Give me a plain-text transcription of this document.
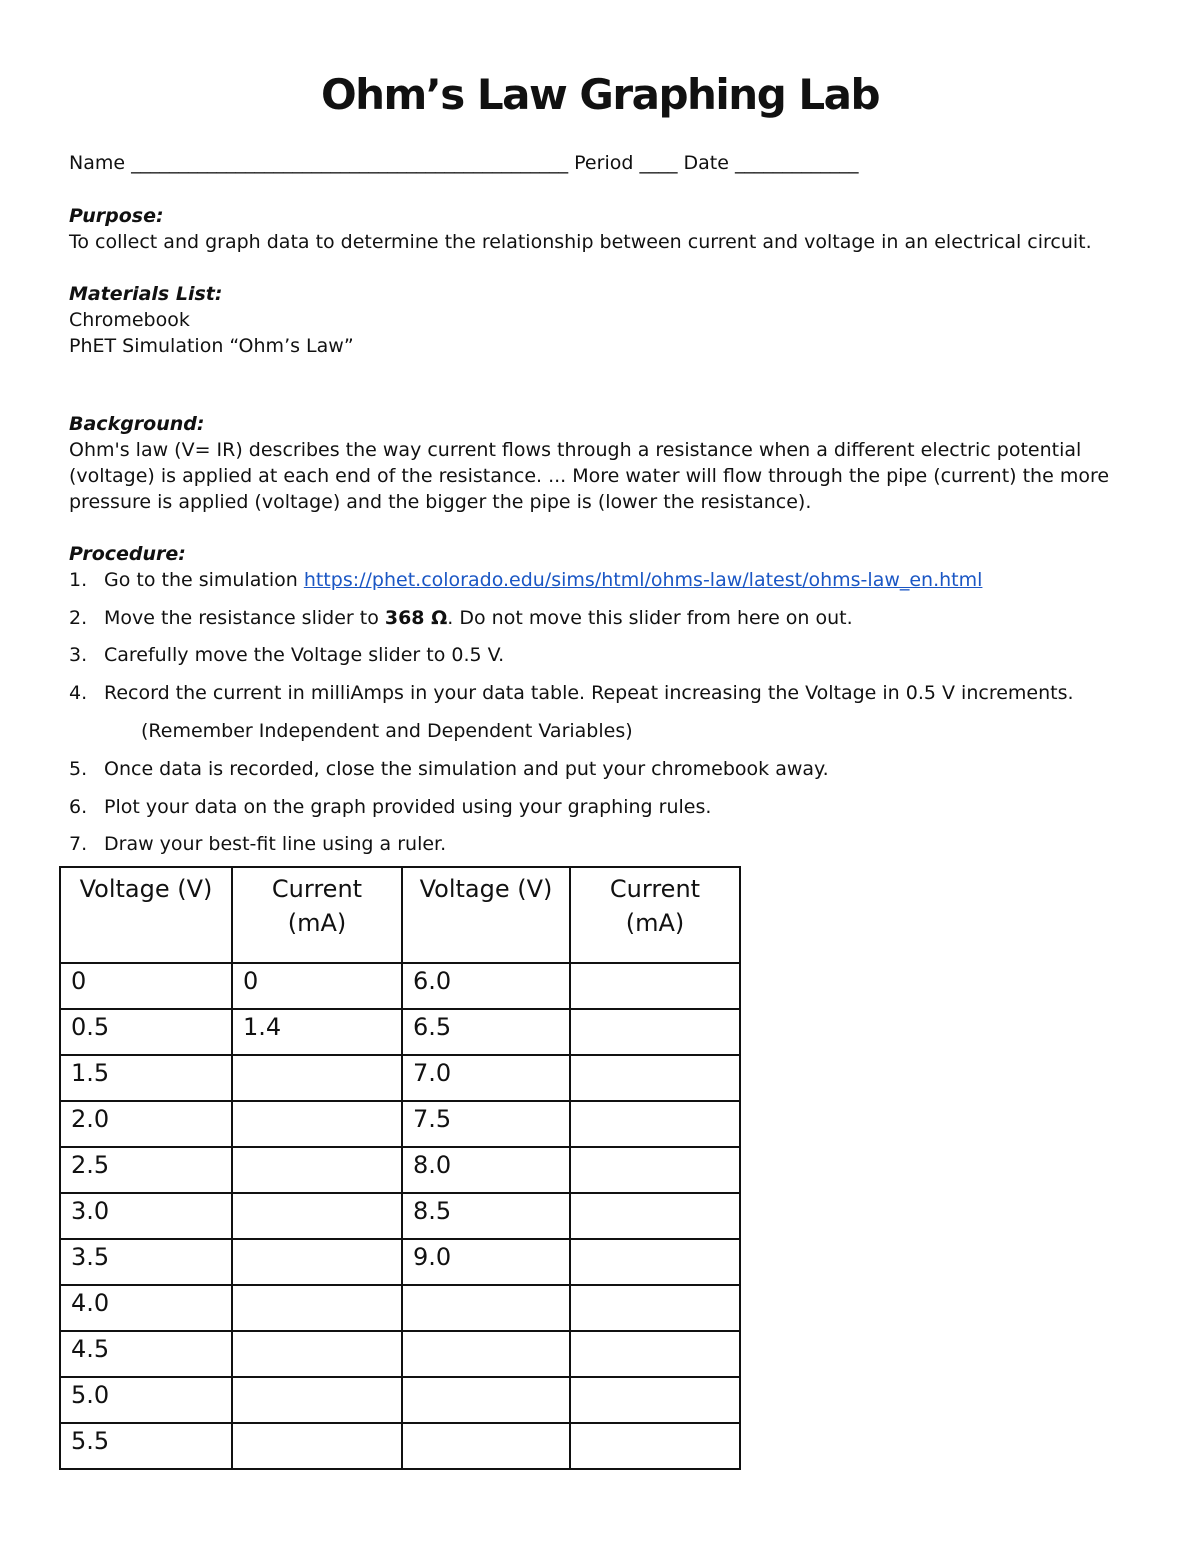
Ohm’s Law Graphing Lab
Name ______________________________________________ Period ____ Date _____________
Purpose:
To collect and graph data to determine the relationship between current and voltage in an electrical circuit.
Materials List:
Chromebook
PhET Simulation “Ohm’s Law”
Background:
Ohm's law (V= IR) describes the way current flows through a resistance when a different electric potential
(voltage) is applied at each end of the resistance. ... More water will flow through the pipe (current) the more
pressure is applied (voltage) and the bigger the pipe is (lower the resistance).
Procedure:
1. Go to the simulation https://phet.colorado.edu/sims/html/ohms-law/latest/ohms-law_en.html
2. Move the resistance slider to 368 Ω. Do not move this slider from here on out.
3. Carefully move the Voltage slider to 0.5 V.
4. Record the current in milliAmps in your data table. Repeat increasing the Voltage in 0.5 V increments.
(Remember Independent and Dependent Variables)
5. Once data is recorded, close the simulation and put your chromebook away.
6. Plot your data on the graph provided using your graphing rules.
7. Draw your best-fit line using a ruler.
Voltage (V)	Current (mA)	Voltage (V)	Current (mA)
0	0	6.0	
0.5	1.4	6.5	
1.5		7.0	
2.0		7.5	
2.5		8.0	
3.0		8.5	
3.5		9.0	
4.0			
4.5			
5.0			
5.5			
